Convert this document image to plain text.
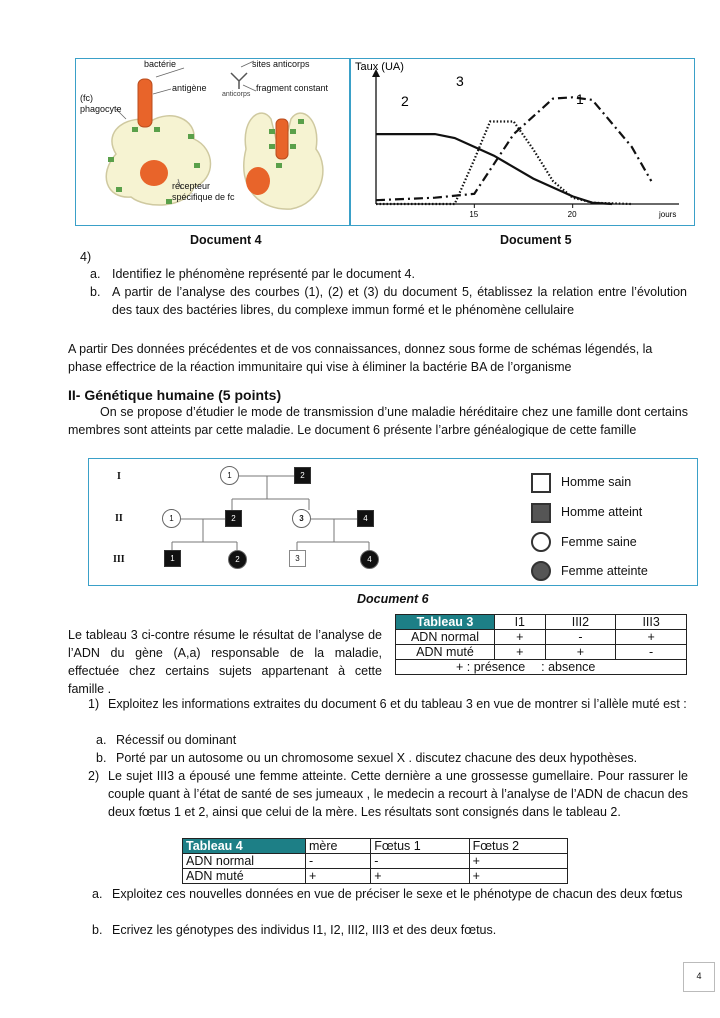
bactérie
antigène
(fc)
phagocyte
sites anticorps
anticorps
fragment constant
récepteur
spécifique de fc
Taux (UA)
jours
15	20
1
2
3
Document 4	Document 5
4)
a. Identifiez le phénomène représenté par le document 4.
b. A partir de l’analyse des courbes (1), (2) et (3) du document 5, établissez la relation entre l’évolution des taux des bactéries libres, du complexe immun formé et le phénomène cellulaire
A partir Des données précédentes et de vos connaissances, donnez sous forme de schémas légendés, la phase effectrice de la réaction immunitaire qui vise à éliminer la bactérie BA de l’organisme
II- Génétique humaine (5 points)
On se propose d’étudier le mode de transmission d’une maladie héréditaire chez une famille dont certains membres sont atteints par cette maladie. Le document 6 présente l’arbre généalogique de cette famille
I
II
III
1	2
1	2	3	4
1	2	3	4
Homme sain
Homme atteint
Femme saine
Femme atteinte
Document 6
Le tableau 3 ci-contre résume le résultat de l’analyse de l’ADN du gène (A,a) responsable de la maladie, effectuée chez certains sujets appartenant à cette famille .
Tableau 3	I1	III2	III3
ADN normal	+	-	+
ADN muté	+	+	-
+ : présence : absence			
1) Exploitez les informations extraites du document 6 et du tableau 3 en vue de montrer si l’allèle muté est :
a. Récessif ou dominant
b. Porté par un autosome ou un chromosome sexuel X . discutez chacune des deux hypothèses.
2) Le sujet III3 a épousé une femme atteinte. Cette dernière a une grossesse gumellaire. Pour rassurer le couple quant à l’état de santé de ses jumeaux , le medecin a recourt à l’analyse de l’ADN de chacun des deux fœtus 1 et 2, ainsi que celui de la mère. Les résultats sont consignés dans le tableau 2.
Tableau 4	mère	Fœtus 1	Fœtus 2
ADN normal	-	-	+
ADN muté	+	+	+
a. Exploitez ces nouvelles données en vue de préciser le sexe et le phénotype de chacun des deux fœtus
b. Ecrivez les génotypes des individus I1, I2, III2, III3 et des deux fœtus.
4
